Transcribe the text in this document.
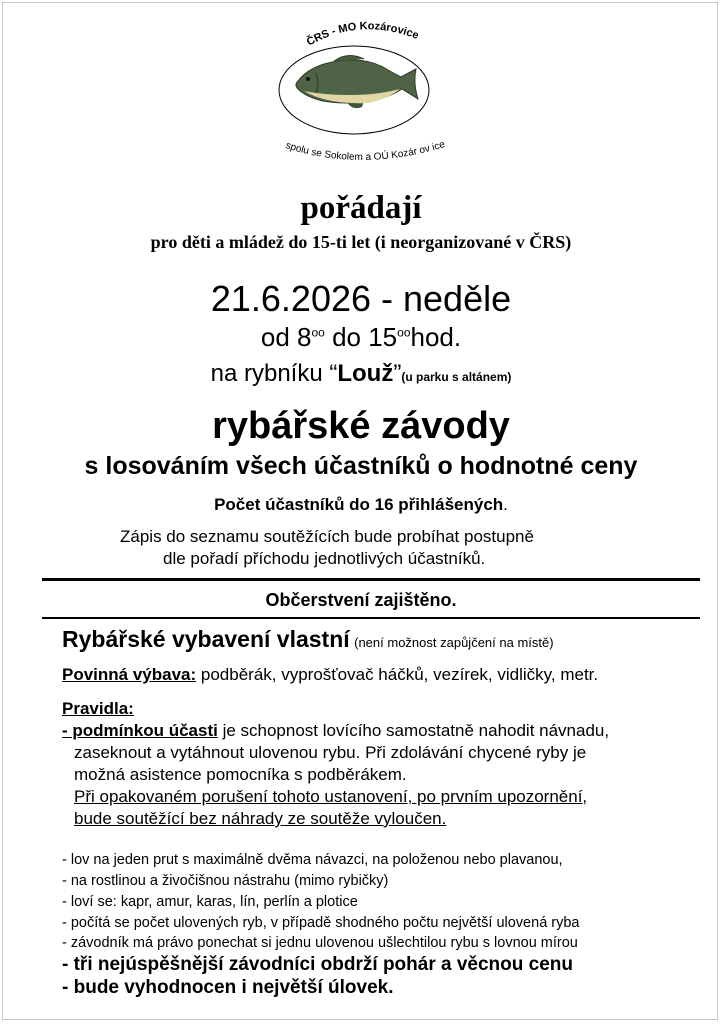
ČRS - MO Kozárovice
spolu se Sokolem a OÚ Kozár ov ice
pořádají
pro děti a mládež do 15-ti let (i neorganizované v ČRS)
21.6.2026 - neděle
od $8^{oo}$ do $15^{oo}hod$.
na rybníku “Louž”(u parku s altánem)
rybářské závody
s losováním všech účastníků o hodnotné ceny
Počet účastníků do 16 přihlášených.
Zápis do seznamu soutěžících bude probíhat postupně
dle pořadí příchodu jednotlivých účastníků.
Občerstvení zajištěno.
Rybářské vybavení vlastní (není možnost zapůjčení na místě)
Povinná výbava: podběrák, vyprošťovač háčků, vezírek, vidličky, metr.
Pravidla:
- podmínkou účasti je schopnost lovícího samostatně nahodit návnadu,
zaseknout a vytáhnout ulovenou rybu. Při zdolávání chycené ryby je
možná asistence pomocníka s podběrákem.
Při opakovaném porušení tohoto ustanovení, po prvním upozornění,
bude soutěžící bez náhrady ze soutěže vyloučen.
- lov na jeden prut s maximálně dvěma návazci, na položenou nebo plavanou,
- na rostlinou a živočišnou nástrahu (mimo rybičky)
- loví se: kapr, amur, karas, lín, perlín a plotice
- počítá se počet ulovených ryb, v případě shodného počtu největší ulovená ryba
- závodník má právo ponechat si jednu ulovenou ušlechtilou rybu s lovnou mírou
- tři nejúspěšnější závodníci obdrží pohár a věcnou cenu
- bude vyhodnocen i největší úlovek.
